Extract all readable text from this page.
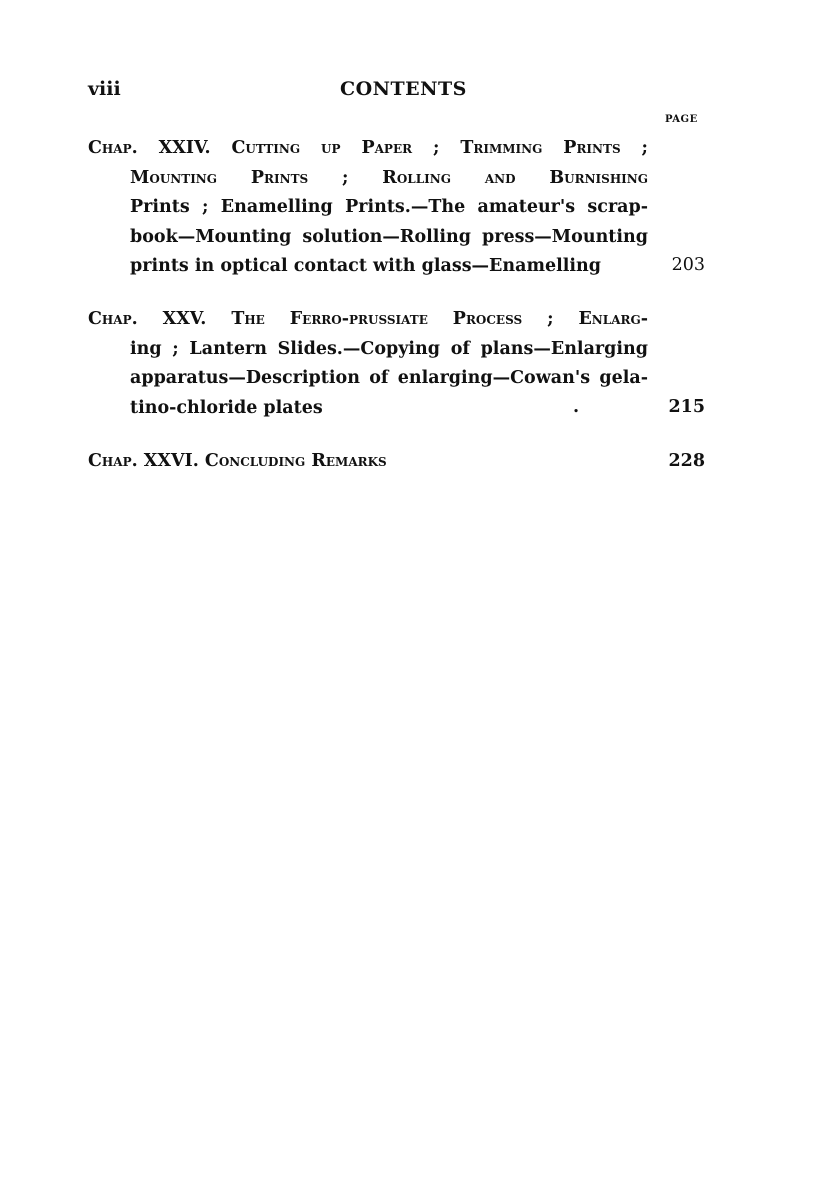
viii	CONTENTS
PAGE
Chap. XXIV. Cutting up Paper ; Trimming Prints ;
Mounting Prints ; Rolling and Burnishing
Prints ; Enamelling Prints.—The amateur's scrap-
book—Mounting solution—Rolling press—Mounting
prints in optical contact with glass—Enamelling	203
Chap. XXV. The Ferro-prussiate Process ; Enlarg-
ing ; Lantern Slides.—Copying of plans—Enlarging
apparatus—Description of enlarging—Cowan's gela-
tino-chloride plates	.	215
Chap. XXVI. Concluding Remarks	228
